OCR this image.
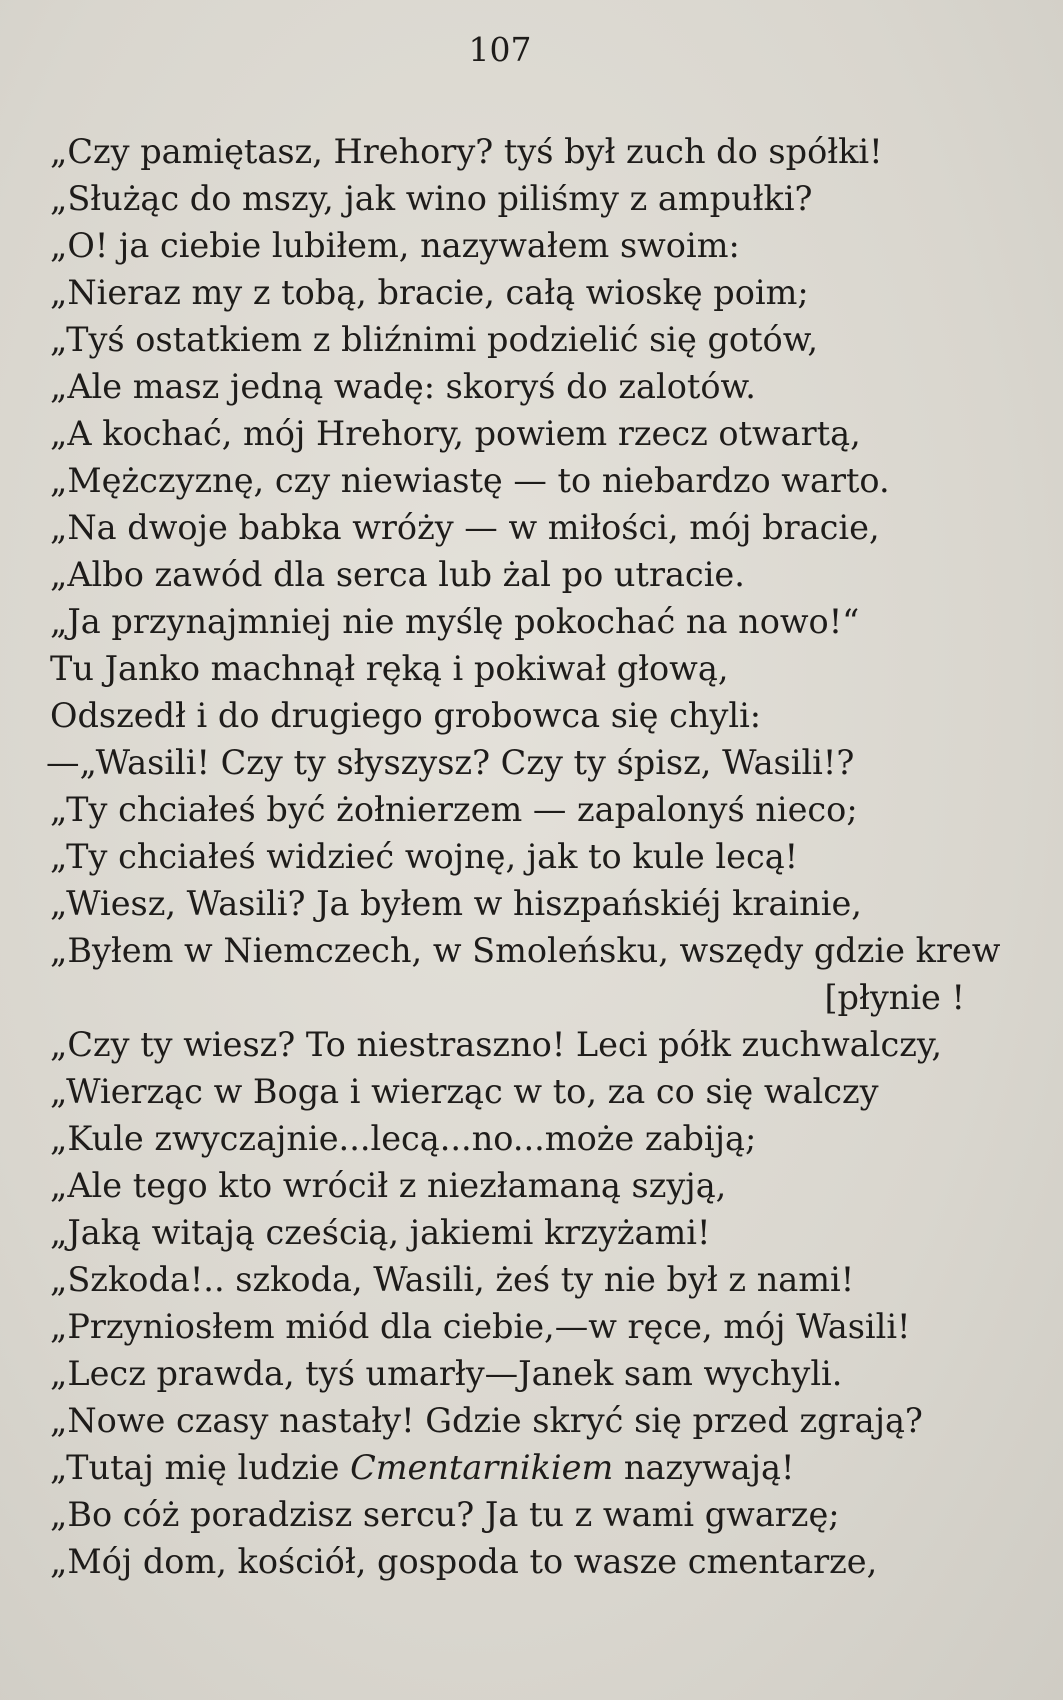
107
„Czy pamiętasz, Hrehory? tyś był zuch do spółki!
„Służąc do mszy, jak wino piliśmy z ampułki?
„O! ja ciebie lubiłem, nazywałem swoim:
„Nieraz my z tobą, bracie, całą wioskę poim;
„Tyś ostatkiem z bliźnimi podzielić się gotów,
„Ale masz jedną wadę: skoryś do zalotów.
„A kochać, mój Hrehory, powiem rzecz otwartą,
„Mężczyznę, czy niewiastę — to niebardzo warto.
„Na dwoje babka wróży — w miłości, mój bracie,
„Albo zawód dla serca lub żal po utracie.
„Ja przynajmniej nie myślę pokochać na nowo!“
Tu Janko machnął ręką i pokiwał głową,
Odszedł i do drugiego grobowca się chyli:
—„Wasili! Czy ty słyszysz? Czy ty śpisz, Wasili!?
„Ty chciałeś być żołnierzem — zapalonyś nieco;
„Ty chciałeś widzieć wojnę, jak to kule lecą!
„Wiesz, Wasili? Ja byłem w hiszpańskiéj krainie,
„Byłem w Niemczech, w Smoleńsku, wszędy gdzie krew
[płynie !
„Czy ty wiesz? To niestraszno! Leci półk zuchwalczy,
„Wierząc w Boga i wierząc w to, za co się walczy
„Kule zwyczajnie...lecą...no...może zabiją;
„Ale tego kto wrócił z niezłamaną szyją,
„Jaką witają cześcią, jakiemi krzyżami!
„Szkoda!.. szkoda, Wasili, żeś ty nie był z nami!
„Przyniosłem miód dla ciebie,—w ręce, mój Wasili!
„Lecz prawda, tyś umarły—Janek sam wychyli.
„Nowe czasy nastały! Gdzie skryć się przed zgrają?
„Tutaj mię ludzie Cmentarnikiem nazywają!
„Bo cóż poradzisz sercu? Ja tu z wami gwarzę;
„Mój dom, kościół, gospoda to wasze cmentarze,
